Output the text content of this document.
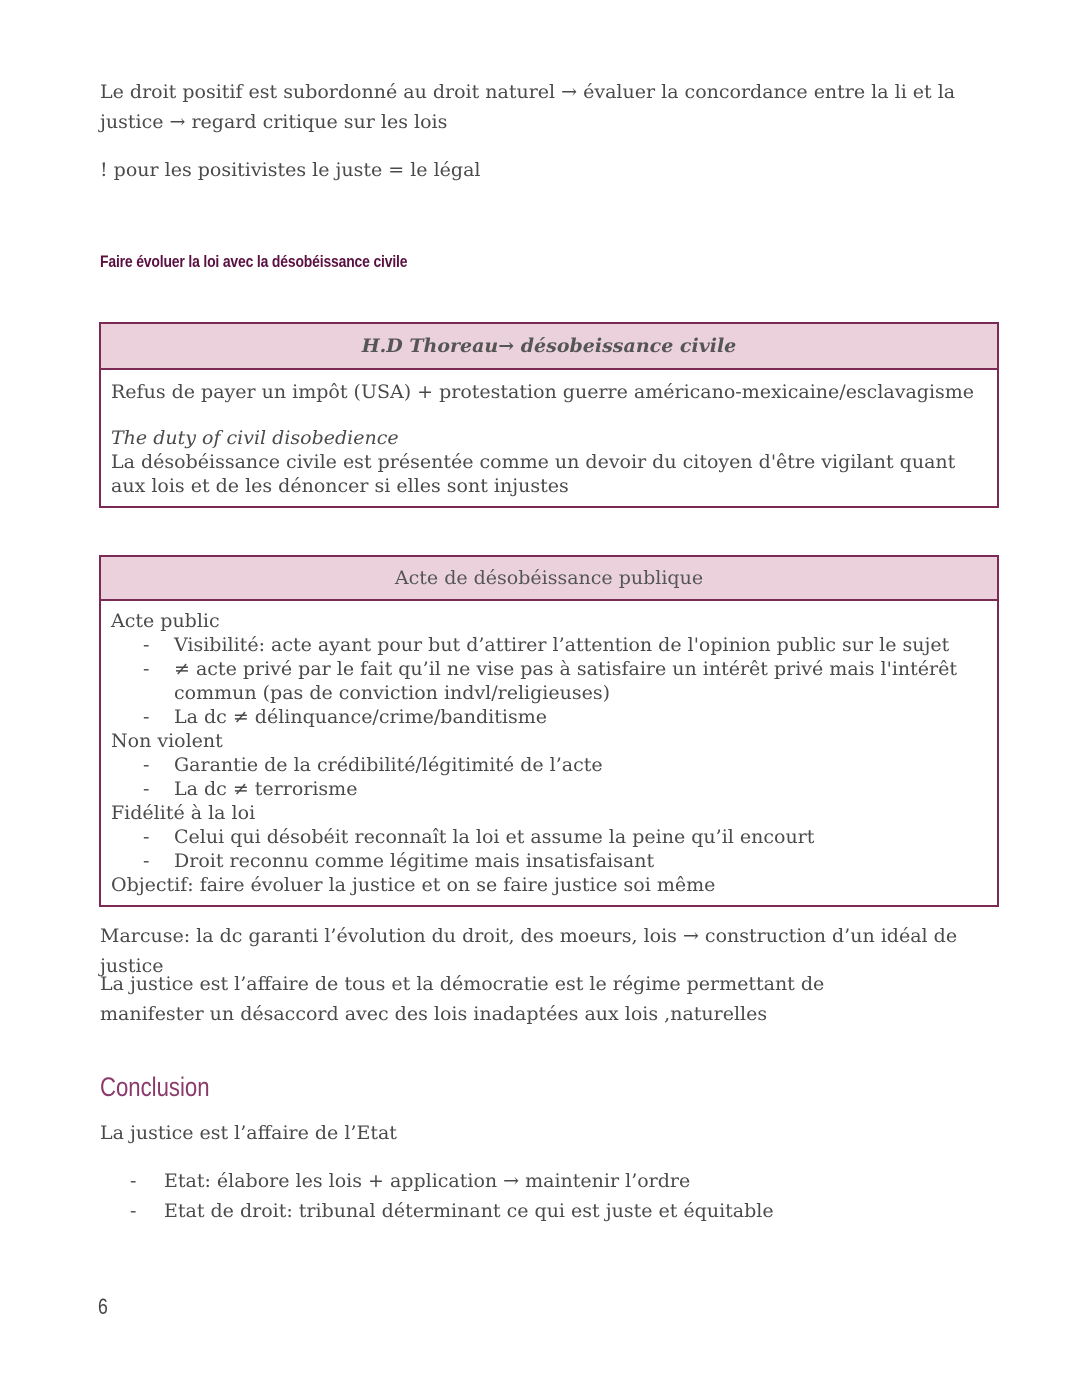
Le droit positif est subordonné au droit naturel → évaluer la concordance entre la li et la justice → regard critique sur les lois

! pour les positivistes le juste = le légal

Faire évoluer la loi avec la désobéissance civile
H.D Thoreau→ désobeissance civile
Refus de payer un impôt (USA) + protestation guerre américano-mexicaine/esclavagisme
The duty of civil disobedience
La désobéissance civile est présentée comme un devoir du citoyen d'être vigilant quant aux lois et de les dénoncer si elles sont injustes
Acte de désobéissance publique
Acte public
- Visibilité: acte ayant pour but d’attirer l’attention de l'opinion public sur le sujet
- ≠ acte privé par le fait qu’il ne vise pas à satisfaire un intérêt privé mais l'intérêt commun (pas de conviction indvl/religieuses)
- La dc ≠ délinquance/crime/banditisme
Non violent
- Garantie de la crédibilité/légitimité de l’acte
- La dc ≠ terrorisme
Fidélité à la loi
- Celui qui désobéit reconnaît la loi et assume la peine qu’il encourt
- Droit reconnu comme légitime mais insatisfaisant
Objectif: faire évoluer la justice et on se faire justice soi même

Marcuse: la dc garanti l’évolution du droit, des moeurs, lois → construction d’un idéal de justice

La justice est l’affaire de tous et la démocratie est le régime permettant de manifester un désaccord avec des lois inadaptées aux lois ,naturelles

Conclusion

La justice est l’affaire de l’Etat

- Etat: élabore les lois + application → maintenir l’ordre
- Etat de droit: tribunal déterminant ce qui est juste et équitable
6
